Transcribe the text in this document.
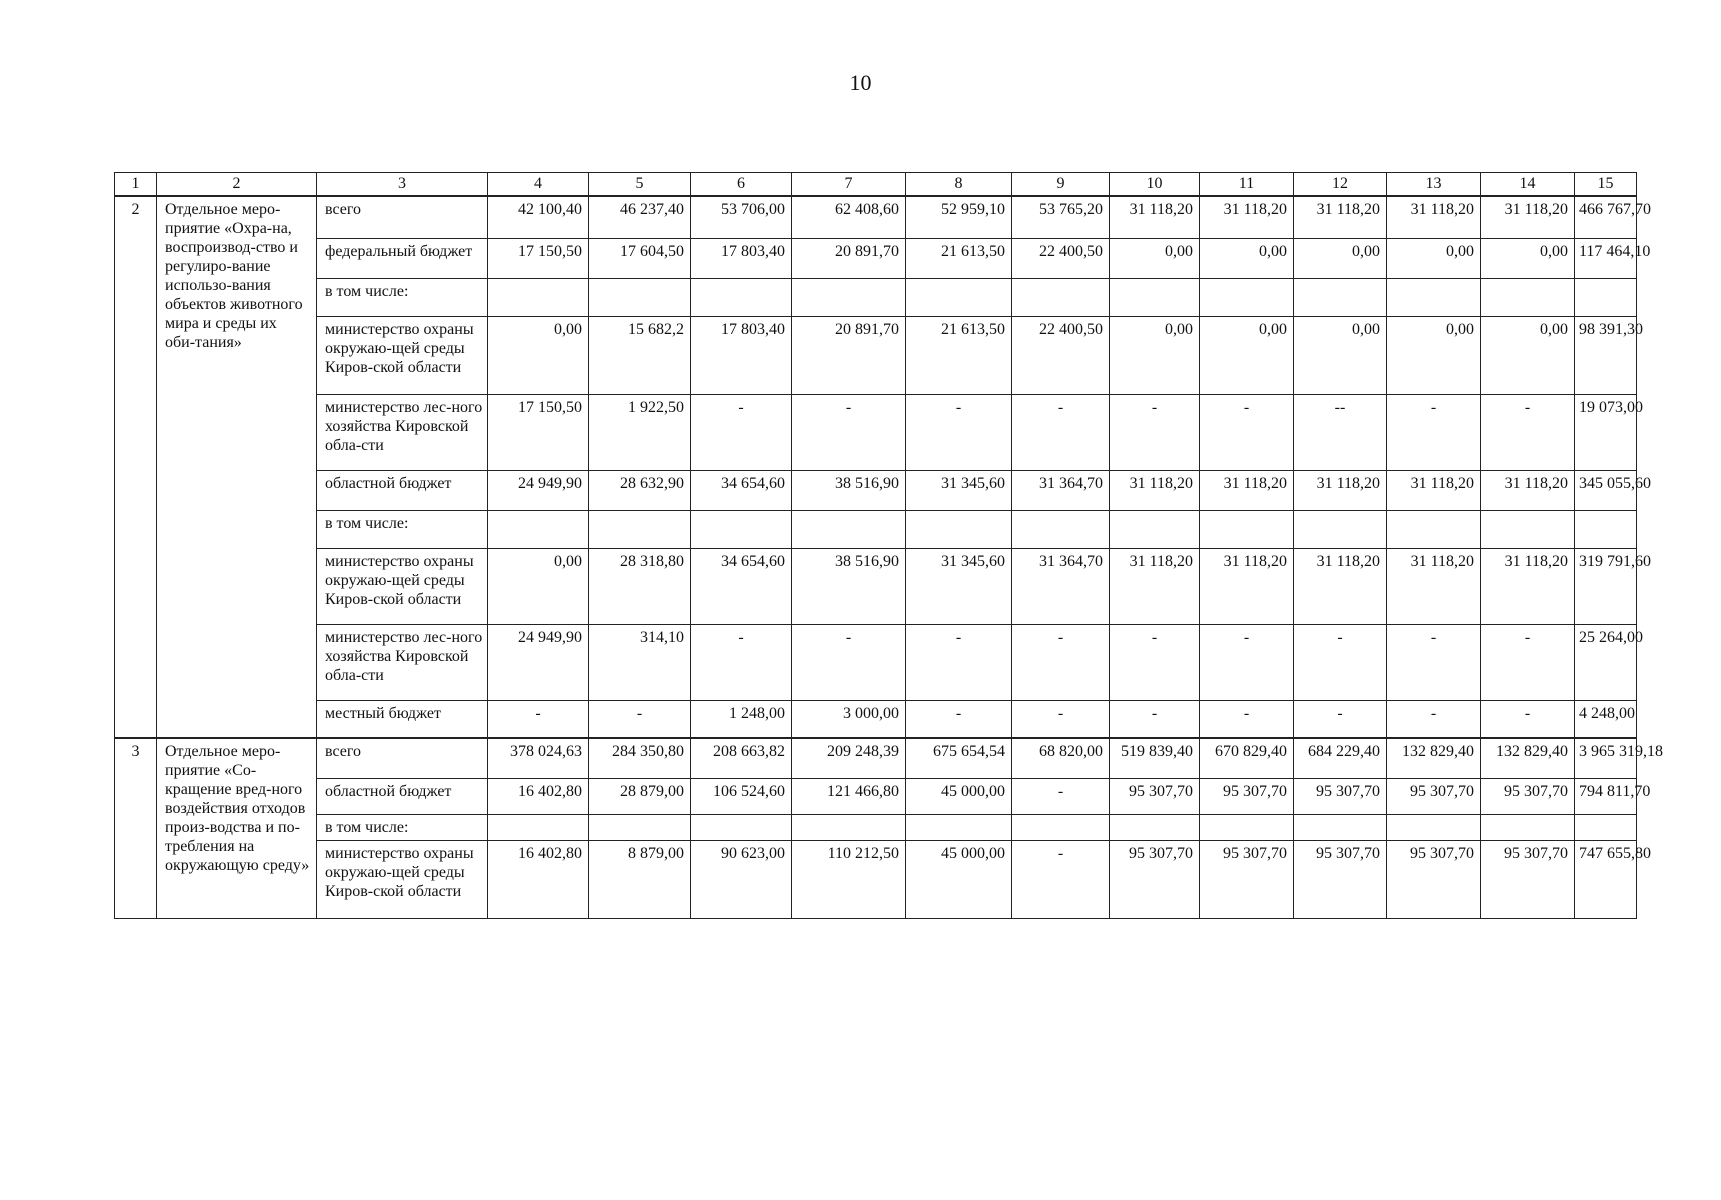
10
1	2	3	4	5	6	7	8	9	10	11	12	13	14	15
2	Отдельное меро-приятие «Охра-на, воспроизвод-ство и регулиро-вание использо-вания объектов животного мира и среды их оби-тания»	всего	42 100,40	46 237,40	53 706,00	62 408,60	52 959,10	53 765,20	31 118,20	31 118,20	31 118,20	31 118,20	31 118,20	466 767,70
		федеральный бюджет	17 150,50	17 604,50	17 803,40	20 891,70	21 613,50	22 400,50	0,00	0,00	0,00	0,00	0,00	117 464,10
		в том числе:												
		министерство охраны окружаю-щей среды Киров-ской области	0,00	15 682,2	17 803,40	20 891,70	21 613,50	22 400,50	0,00	0,00	0,00	0,00	0,00	98 391,30
		министерство лес-ного хозяйства Кировской обла-сти	17 150,50	1 922,50	-	-	-	-	-	-	--	-	-	19 073,00
		областной бюджет	24 949,90	28 632,90	34 654,60	38 516,90	31 345,60	31 364,70	31 118,20	31 118,20	31 118,20	31 118,20	31 118,20	345 055,60
		в том числе:												
		министерство охраны окружаю-щей среды Киров-ской области	0,00	28 318,80	34 654,60	38 516,90	31 345,60	31 364,70	31 118,20	31 118,20	31 118,20	31 118,20	31 118,20	319 791,60
		министерство лес-ного хозяйства Кировской обла-сти	24 949,90	314,10	-	-	-	-	-	-	-	-	-	25 264,00
		местный бюджет	-	-	1 248,00	3 000,00	-	-	-	-	-	-	-	4 248,00
3	Отдельное меро-приятие «Со-кращение вред-ного воздействия отходов произ-водства и по-требления на окружающую среду»	всего	378 024,63	284 350,80	208 663,82	209 248,39	675 654,54	68 820,00	519 839,40	670 829,40	684 229,40	132 829,40	132 829,40	3 965 319,18
		областной бюджет	16 402,80	28 879,00	106 524,60	121 466,80	45 000,00	-	95 307,70	95 307,70	95 307,70	95 307,70	95 307,70	794 811,70
		в том числе:												
		министерство охраны окружаю-щей среды Киров-ской области	16 402,80	8 879,00	90 623,00	110 212,50	45 000,00	-	95 307,70	95 307,70	95 307,70	95 307,70	95 307,70	747 655,80
